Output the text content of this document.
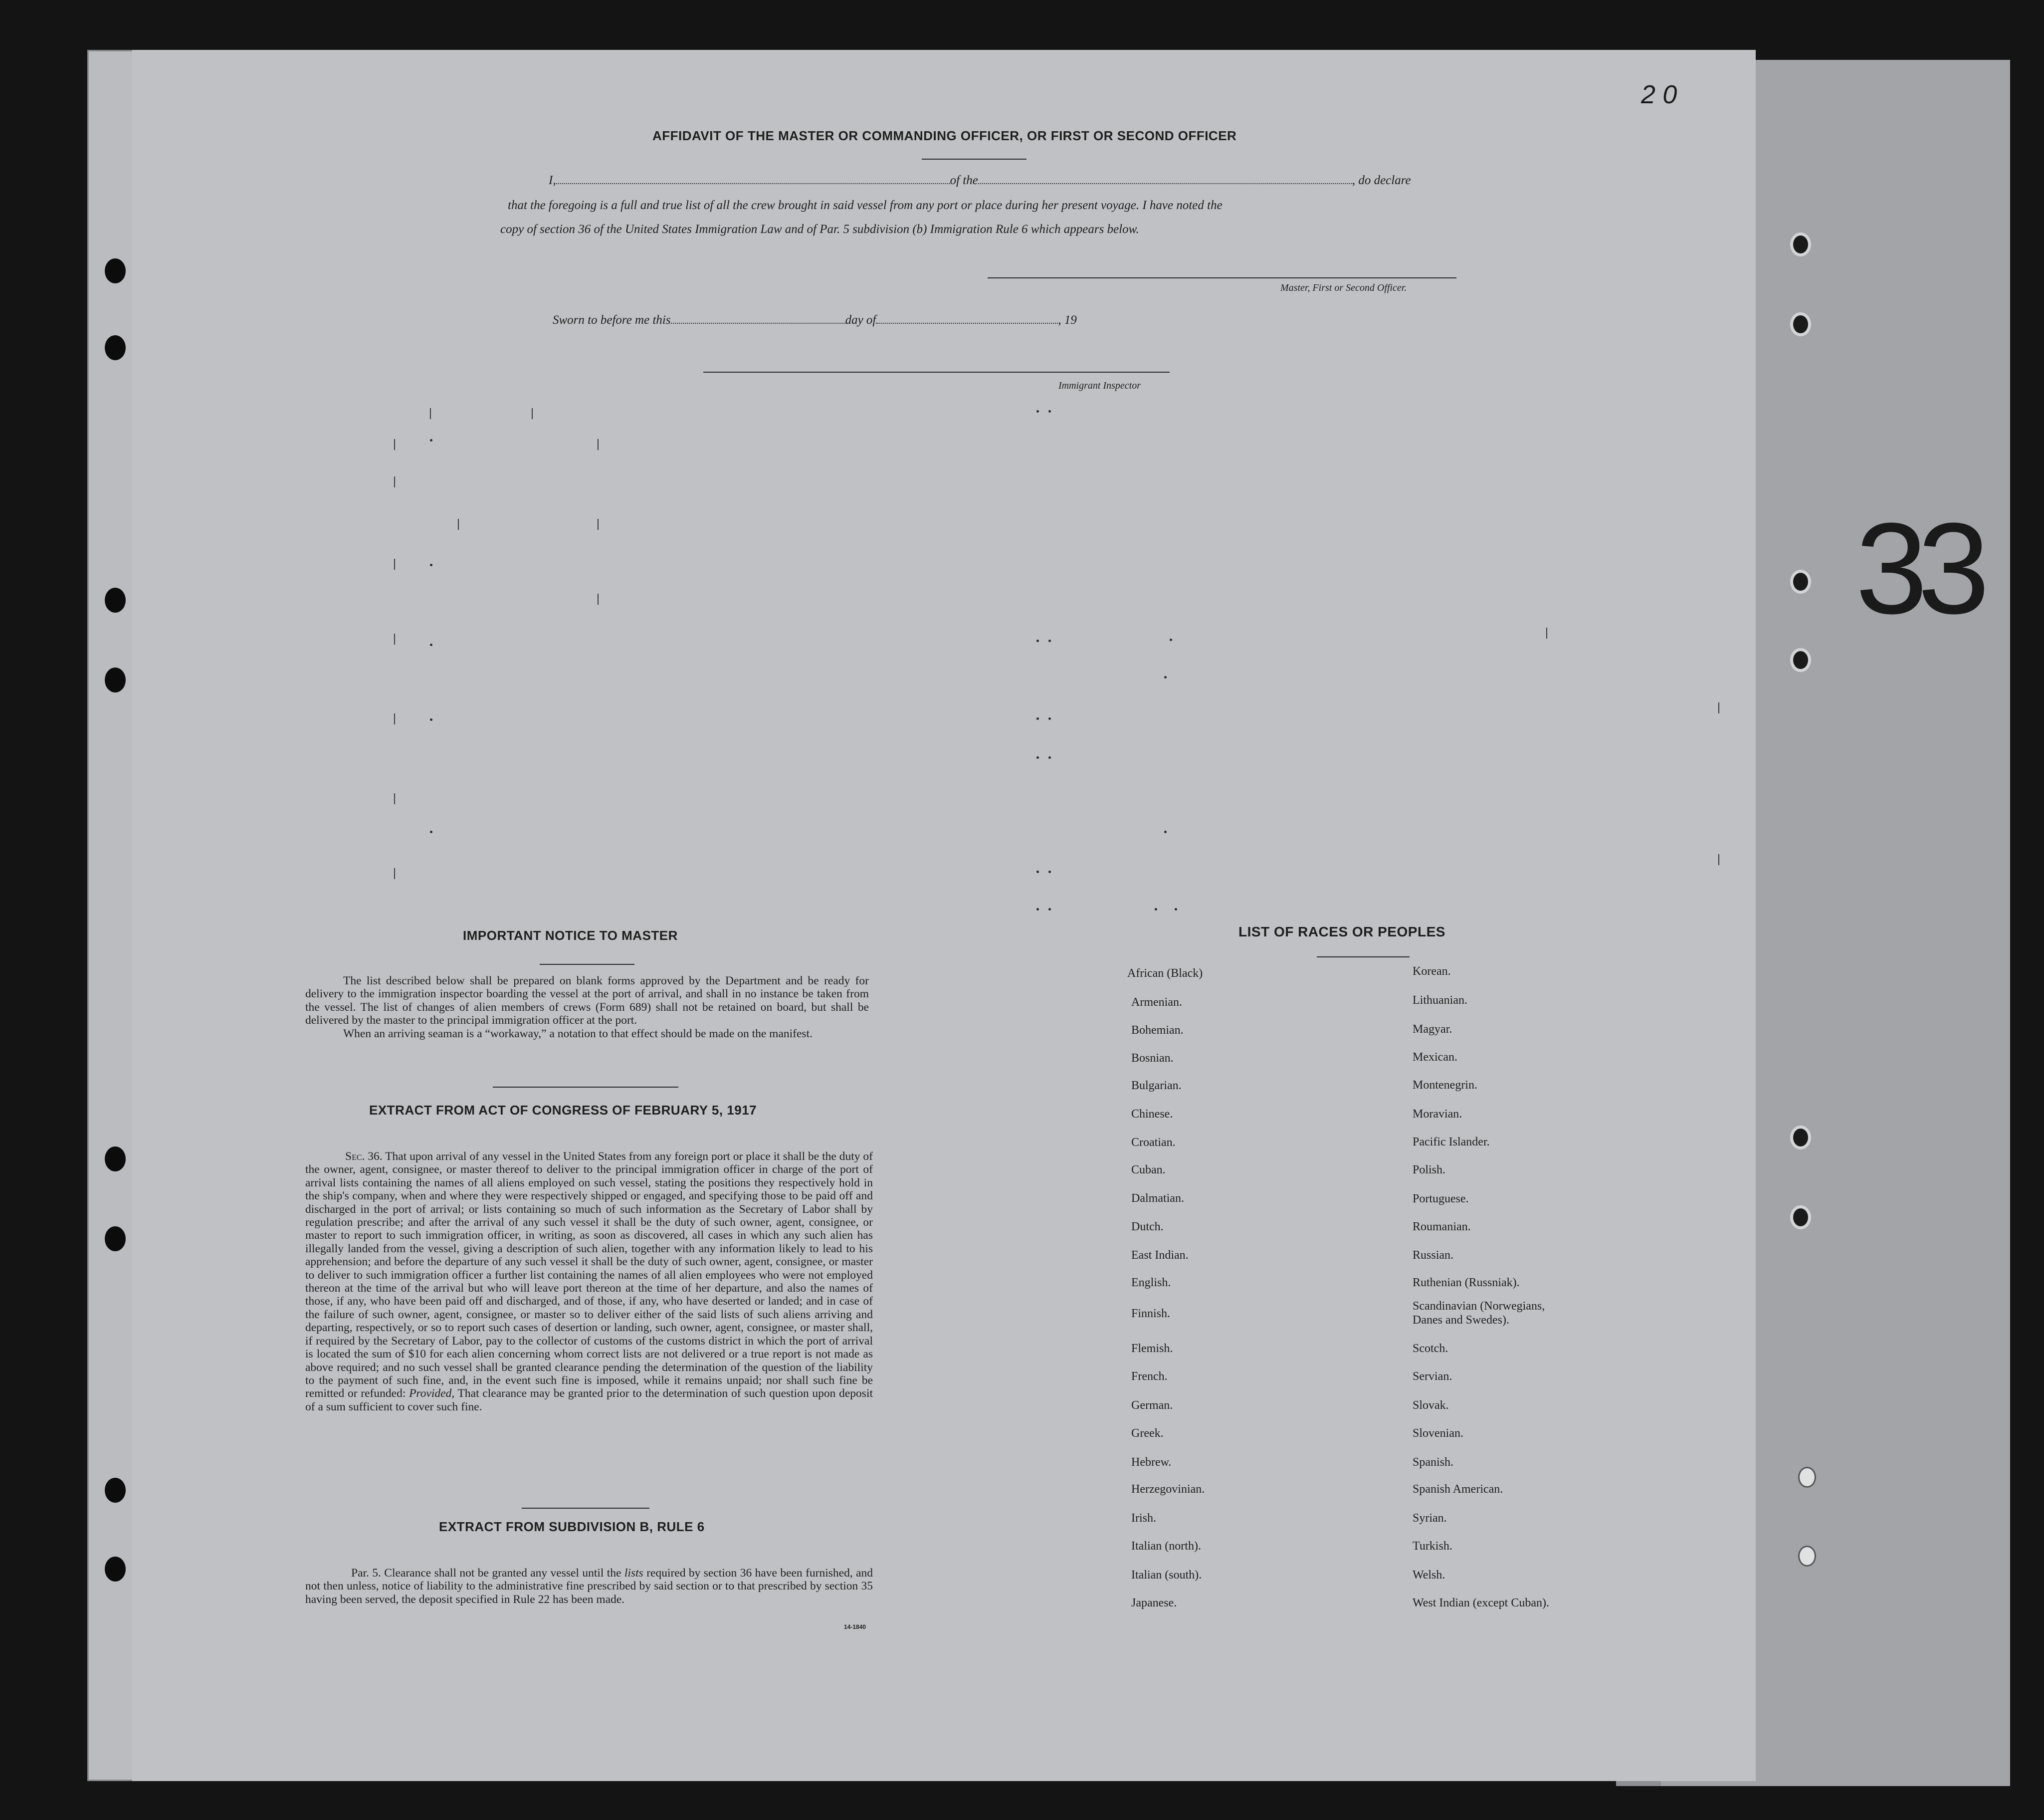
33
2 0
AFFIDAVIT OF THE MASTER OR COMMANDING OFFICER, OR FIRST OR SECOND OFFICER
I,	of the	, do declare
that the foregoing is a full and true list of all the crew brought in said vessel from any port or place during her present voyage. I have noted the
copy of section 36 of the United States Immigration Law and of Par. 5 subdivision (b) Immigration Rule 6 which appears below.
Master, First or Second Officer.
Sworn to before me this	day of	, 19
Immigrant Inspector
IMPORTANT NOTICE TO MASTER

The list described below shall be prepared on blank forms approved by the Department and be ready for delivery to the immigration inspector boarding the vessel at the port of arrival, and shall in no instance be taken from the vessel. The list of changes of alien members of crews (Form 689) shall not be retained on board, but shall be delivered by the master to the principal immigration officer at the port.

When an arriving seaman is a “workaway,” a notation to that effect should be made on the manifest.

EXTRACT FROM ACT OF CONGRESS OF FEBRUARY 5, 1917

Sec. 36. That upon arrival of any vessel in the United States from any foreign port or place it shall be the duty of the owner, agent, consignee, or master thereof to deliver to the principal immigration officer in charge of the port of arrival lists containing the names of all aliens employed on such vessel, stating the positions they respectively hold in the ship's company, when and where they were respectively shipped or engaged, and specifying those to be paid off and discharged in the port of arrival; or lists containing so much of such information as the Secretary of Labor shall by regulation prescribe; and after the arrival of any such vessel it shall be the duty of such owner, agent, consignee, or master to report to such immigration officer, in writing, as soon as discovered, all cases in which any such alien has illegally landed from the vessel, giving a description of such alien, together with any information likely to lead to his apprehension; and before the departure of any such vessel it shall be the duty of such owner, agent, consignee, or master to deliver to such immigration officer a further list containing the names of all alien employees who were not employed thereon at the time of the arrival but who will leave port thereon at the time of her departure, and also the names of those, if any, who have been paid off and discharged, and of those, if any, who have deserted or landed; and in case of the failure of such owner, agent, consignee, or master so to deliver either of the said lists of such aliens arriving and departing, respectively, or so to report such cases of desertion or landing, such owner, agent, consignee, or master shall, if required by the Secretary of Labor, pay to the collector of customs of the customs district in which the port of arrival is located the sum of $10 for each alien concerning whom correct lists are not delivered or a true report is not made as above required; and no such vessel shall be granted clearance pending the determination of the question of the liability to the payment of such fine, and, in the event such fine is imposed, while it remains unpaid; nor shall such fine be remitted or refunded: Provided, That clearance may be granted prior to the determination of such question upon deposit of a sum sufficient to cover such fine.

EXTRACT FROM SUBDIVISION B, RULE 6

Par. 5. Clearance shall not be granted any vessel until the lists required by section 36 have been furnished, and not then unless, notice of liability to the administrative fine prescribed by said section or to that prescribed by section 35 having been served, the deposit specified in Rule 22 has been made.

14-1840
LIST OF RACES OR PEOPLES
African (Black)
Armenian.
Bohemian.
Bosnian.
Bulgarian.
Chinese.
Croatian.
Cuban.
Dalmatian.
Dutch.
East Indian.
English.
Finnish.
Flemish.
French.
German.
Greek.
Hebrew.
Herzegovinian.
Irish.
Italian (north).
Italian (south).
Japanese.
Korean.
Lithuanian.
Magyar.
Mexican.
Montenegrin.
Moravian.
Pacific Islander.
Polish.
Portuguese.
Roumanian.
Russian.
Ruthenian (Russniak).
Scandinavian (Norwegians, Danes and Swedes).
Scotch.
Servian.
Slovak.
Slovenian.
Spanish.
Spanish American.
Syrian.
Turkish.
Welsh.
West Indian (except Cuban).
